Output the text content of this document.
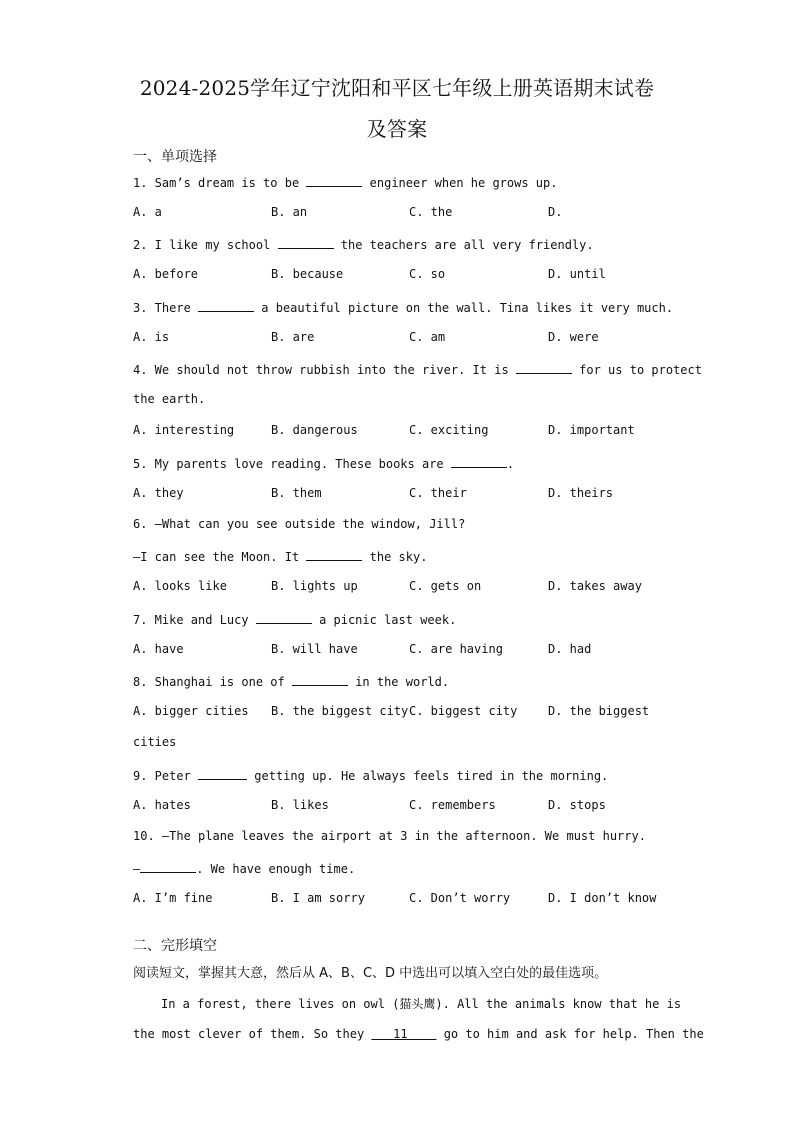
2024-2025学年辽宁沈阳和平区七年级上册英语期末试卷
及答案
一、单项选择
1. Sam’s dream is to be	engineer when he grows up.
A. a	B. an	C. the	D.
2. I like my school	the teachers are all very friendly.
A. before	B. because	C. so	D. until
3. There	a beautiful picture on the wall. Tina likes it very much.
A. is	B. are	C. am	D. were
4. We should not throw rubbish into the river. It is	for us to protect
the earth.
A. interesting	B. dangerous	C. exciting	D. important
5. My parents love reading. These books are	.
A. they	B. them	C. their	D. theirs
6. —What can you see outside the window, Jill?
—I can see the Moon. It	the sky.
A. looks like	B. lights up	C. gets on	D. takes away
7. Mike and Lucy	a picnic last week.
A. have	B. will have	C. are having	D. had
8. Shanghai is one of	in the world.
A. bigger cities B. the biggest city C. biggest city	D. the biggest
cities
9. Peter	getting up. He always feels tired in the morning.
A. hates	B. likes	C. remembers	D. stops
10. —The plane leaves the airport at 3 in the afternoon. We must hurry.
—	. We have enough time.
A. I’m fine	B. I am sorry	C. Don’t worry	D. I don’t know
二、完形填空
阅读短文，掌握其大意，然后从 A、B、C、D 中选出可以填入空白处的最佳选项。
In a forest, there lives on owl (猫头鹰). All the animals know that he is
the most clever of them. So they 11	go to him and ask for help. Then the
